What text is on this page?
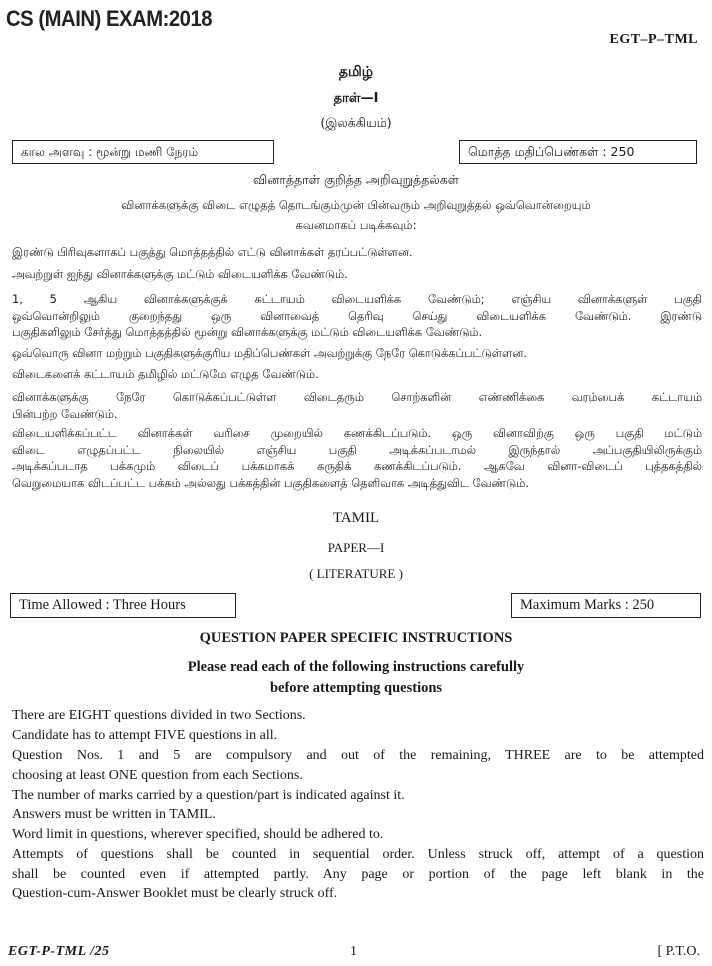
CS (MAIN) EXAM:2018
EGT–P–TML
தமிழ்
தாள்—I
(இலக்கியம்)
கால அளவு : மூன்று மணி நேரம்	மொத்த மதிப்பெண்கள் : 250
வினாத்தாள் குறித்த அறிவுறுத்தல்கள்
வினாக்களுக்கு விடை எழுதத் தொடங்கும்முன் பின்வரும் அறிவுறுத்தல் ஒவ்வொன்றையும்
கவனமாகப் படிக்கவும்:
இரண்டு பிரிவுகளாகப் பகுத்து மொத்தத்தில் எட்டு வினாக்கள் தரப்பட்டுள்ளன.
அவற்றுள் ஐந்து வினாக்களுக்கு மட்டும் விடையளிக்க வேண்டும்.
1, 5 ஆகிய வினாக்களுக்குக் கட்டாயம் விடையளிக்க வேண்டும்; எஞ்சிய வினாக்களுள் பகுதி
ஒவ்வொன்றிலும் குறைந்தது ஒரு வினாவைத் தெரிவு செய்து விடையளிக்க வேண்டும். இரண்டு
பகுதிகளிலும் சேர்த்து மொத்தத்தில் மூன்று வினாக்களுக்கு மட்டும் விடையளிக்க வேண்டும்.
ஒவ்வொரு வினா மற்றும் பகுதிகளுக்குரிய மதிப்பெண்கள் அவற்றுக்கு நேரே கொடுக்கப்பட்டுள்ளன.
விடைகளைக் கட்டாயம் தமிழில் மட்டுமே எழுத வேண்டும்.
வினாக்களுக்கு நேரே கொடுக்கப்பட்டுள்ள விடைதரும் சொற்களின் எண்ணிக்கை வரம்பைக் கட்டாயம்
பின்பற்ற வேண்டும்.
விடையளிக்கப்பட்ட வினாக்கள் வரிசை முறையில் கணக்கிடப்படும். ஒரு வினாவிற்கு ஒரு பகுதி மட்டும்
விடை எழுதப்பட்ட நிலையில் எஞ்சிய பகுதி அடிக்கப்படாமல் இருந்தால் அப்பகுதியிலிருக்கும்
அடிக்கப்படாத பக்கமும் விடைப் பக்கமாகக் கருதிக் கணக்கிடப்படும். ஆகவே வினா-விடைப் புத்தகத்தில்
வெறுமையாக விடப்பட்ட பக்கம் அல்லது பக்கத்தின் பகுதிகளைத் தெளிவாக அடித்துவிட வேண்டும்.
TAMIL
PAPER—I
( LITERATURE )
Time Allowed : Three Hours	Maximum Marks : 250
QUESTION PAPER SPECIFIC INSTRUCTIONS
Please read each of the following instructions carefully
before attempting questions
There are EIGHT questions divided in two Sections.
Candidate has to attempt FIVE questions in all.
Question Nos. 1 and 5 are compulsory and out of the remaining, THREE are to be attempted
choosing at least ONE question from each Sections.
The number of marks carried by a question/part is indicated against it.
Answers must be written in TAMIL.
Word limit in questions, wherever specified, should be adhered to.
Attempts of questions shall be counted in sequential order. Unless struck off, attempt of a question
shall be counted even if attempted partly. Any page or portion of the page left blank in the
Question-cum-Answer Booklet must be clearly struck off.
EGT-P-TML /25	1	[ P.T.O.
